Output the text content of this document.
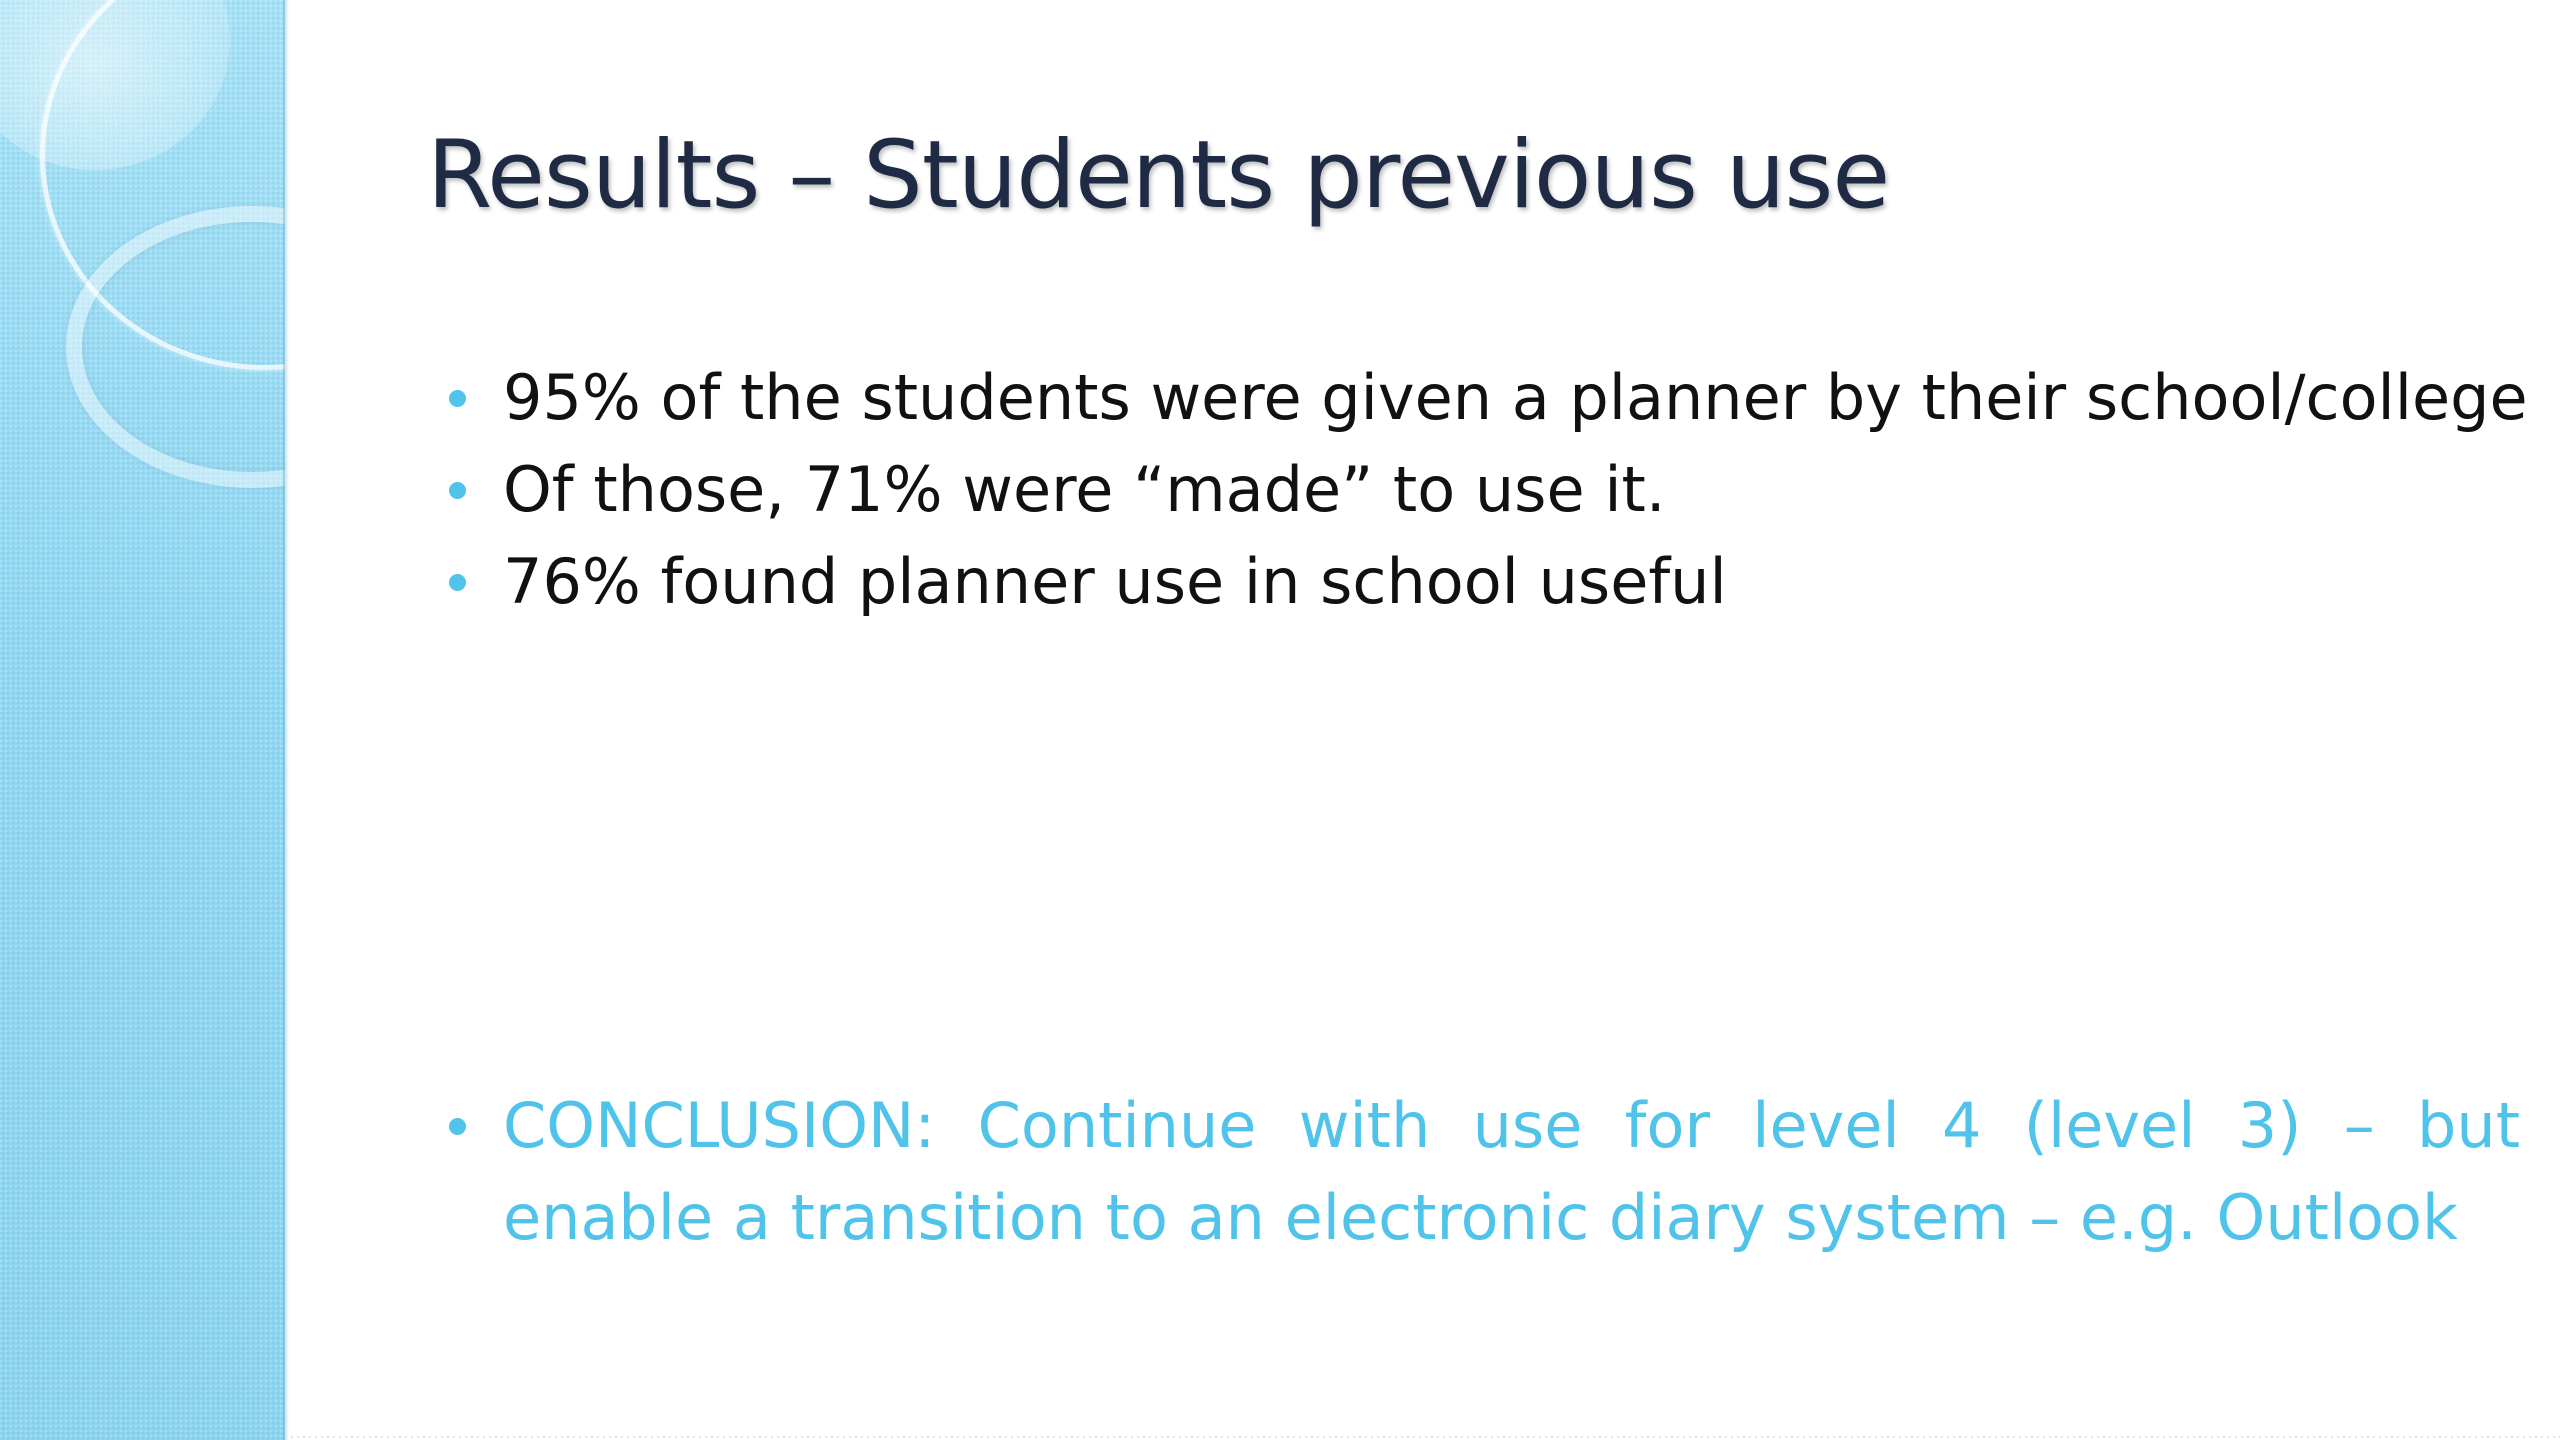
Results – Students previous use
95% of the students were given a planner by their school/college
Of those, 71% were “made” to use it.
76% found planner use in school useful
CONCLUSION: Continue with use for level 4 (level 3) – but
enable a transition to an electronic diary system – e.g. Outlook
